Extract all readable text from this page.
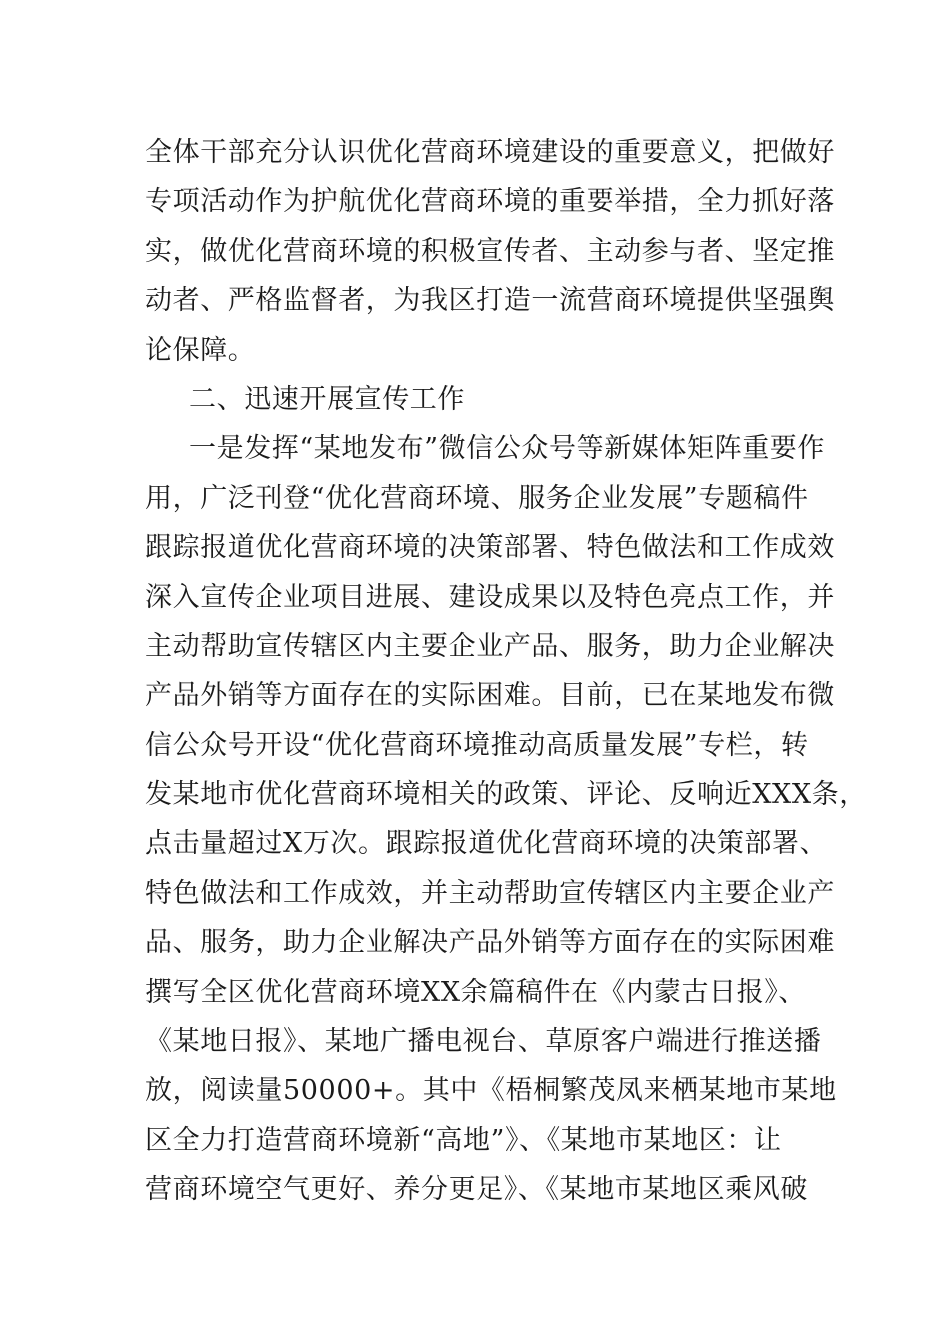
全体干部充分认识优化营商环境建设的重要意义，把做好
专项活动作为护航优化营商环境的重要举措，全力抓好落
实，做优化营商环境的积极宣传者、主动参与者、坚定推
动者、严格监督者，为我区打造一流营商环境提供坚强舆
论保障。
二、迅速开展宣传工作
一是发挥“某地发布”微信公众号等新媒体矩阵重要作
用，广泛刊登“优化营商环境、服务企业发展”专题稿件
跟踪报道优化营商环境的决策部署、特色做法和工作成效
深入宣传企业项目进展、建设成果以及特色亮点工作，并
主动帮助宣传辖区内主要企业产品、服务，助力企业解决
产品外销等方面存在的实际困难。目前，已在某地发布微
信公众号开设“优化营商环境推动高质量发展”专栏，转
发某地市优化营商环境相关的政策、评论、反响近XXX条，
点击量超过X万次。跟踪报道优化营商环境的决策部署、
特色做法和工作成效，并主动帮助宣传辖区内主要企业产
品、服务，助力企业解决产品外销等方面存在的实际困难
撰写全区优化营商环境XX余篇稿件在《内蒙古日报》、
《某地日报》、某地广播电视台、草原客户端进行推送播
放，阅读量50000+。其中《梧桐繁茂凤来栖某地市某地
区全力打造营商环境新“高地”》、《某地市某地区：让
营商环境空气更好、养分更足》、《某地市某地区乘风破
